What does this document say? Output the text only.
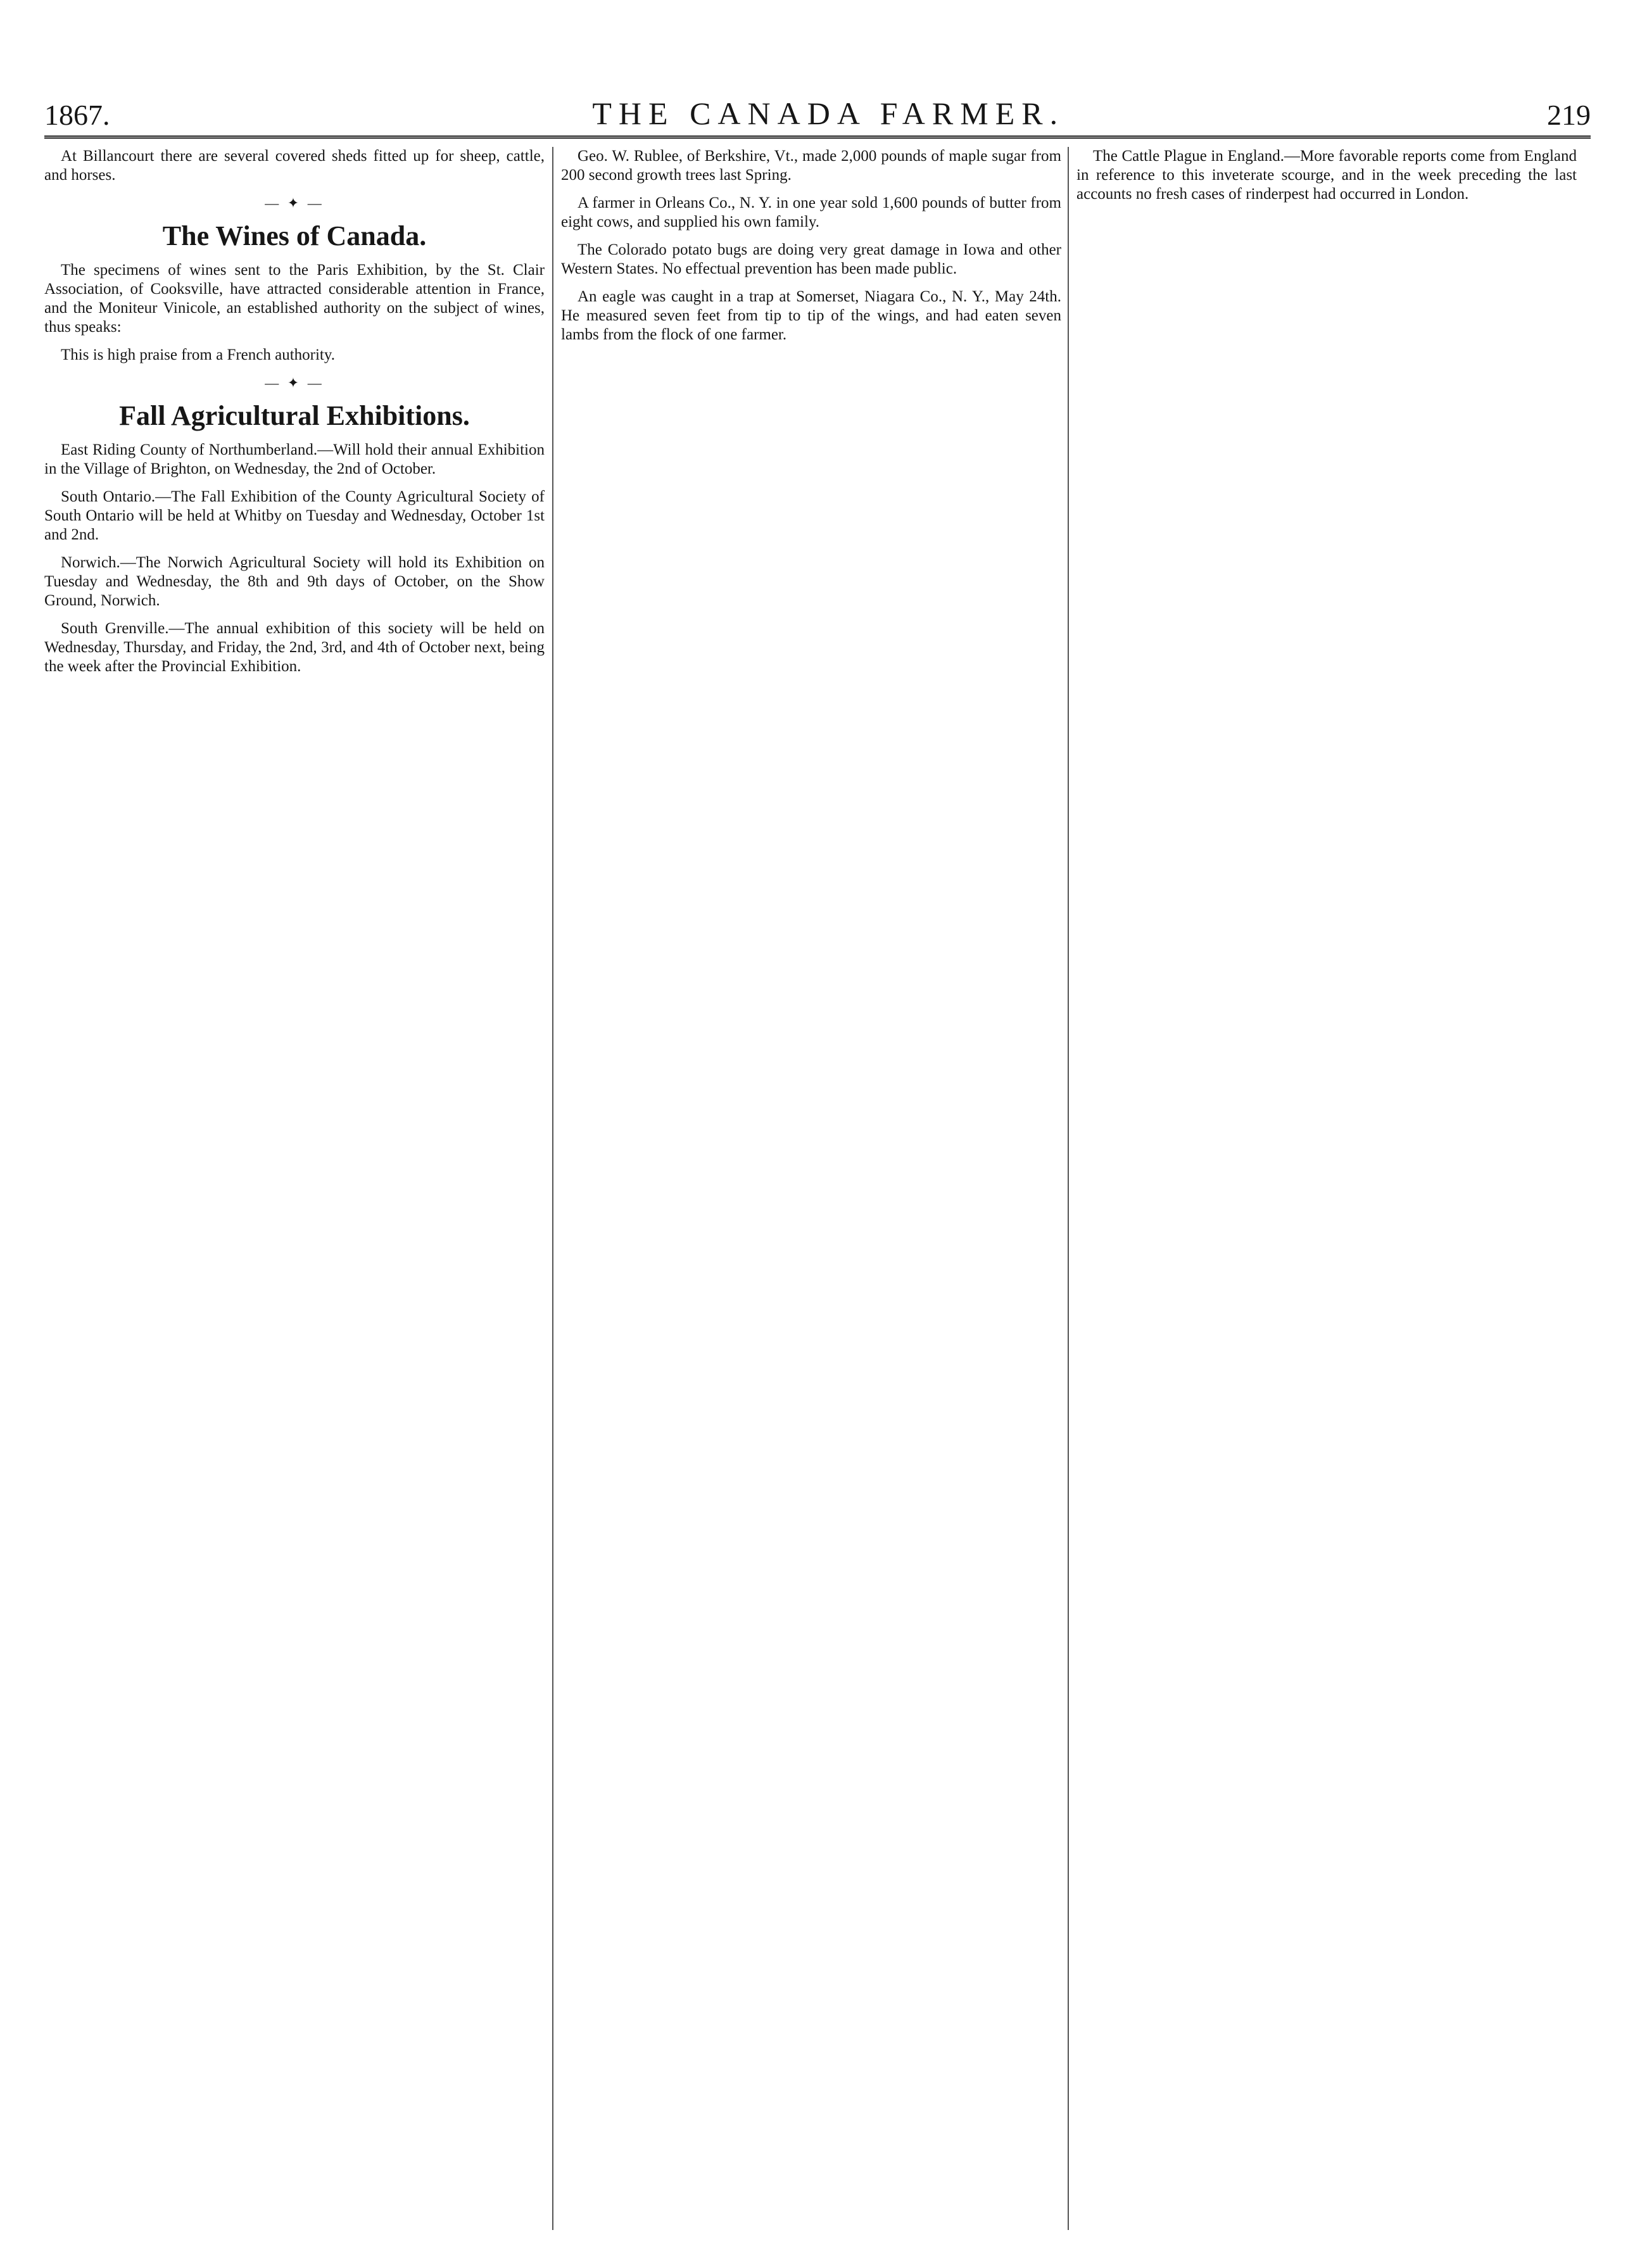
1867.	THE CANADA FARMER.	219

At Billancourt there are several covered sheds fitted up for sheep, cattle, and horses.

— ✦ —
The Wines of Canada.

The specimens of wines sent to the Paris Exhibition, by the St. Clair Association, of Cooksville, have attracted considerable attention in France, and the Moniteur Vinicole, an established authority on the subject of wines, thus speaks:

This is high praise from a French authority.

— ✦ —
Fall Agricultural Exhibitions.

East Riding County of Northumberland.—Will hold their annual Exhibition in the Village of Brighton, on Wednesday, the 2nd of October.

South Ontario.—The Fall Exhibition of the County Agricultural Society of South Ontario will be held at Whitby on Tuesday and Wednesday, October 1st and 2nd.

Norwich.—The Norwich Agricultural Society will hold its Exhibition on Tuesday and Wednesday, the 8th and 9th days of October, on the Show Ground, Norwich.

South Grenville.—The annual exhibition of this society will be held on Wednesday, Thursday, and Friday, the 2nd, 3rd, and 4th of October next, being the week after the Provincial Exhibition.

Geo. W. Rublee, of Berkshire, Vt., made 2,000 pounds of maple sugar from 200 second growth trees last Spring.

A farmer in Orleans Co., N. Y. in one year sold 1,600 pounds of butter from eight cows, and supplied his own family.

The Colorado potato bugs are doing very great damage in Iowa and other Western States. No effectual prevention has been made public.

An eagle was caught in a trap at Somerset, Niagara Co., N. Y., May 24th. He measured seven feet from tip to tip of the wings, and had eaten seven lambs from the flock of one farmer.

The Cattle Plague in England.—More favorable reports come from England in reference to this inveterate scourge, and in the week preceding the last accounts no fresh cases of rinderpest had occurred in London.
